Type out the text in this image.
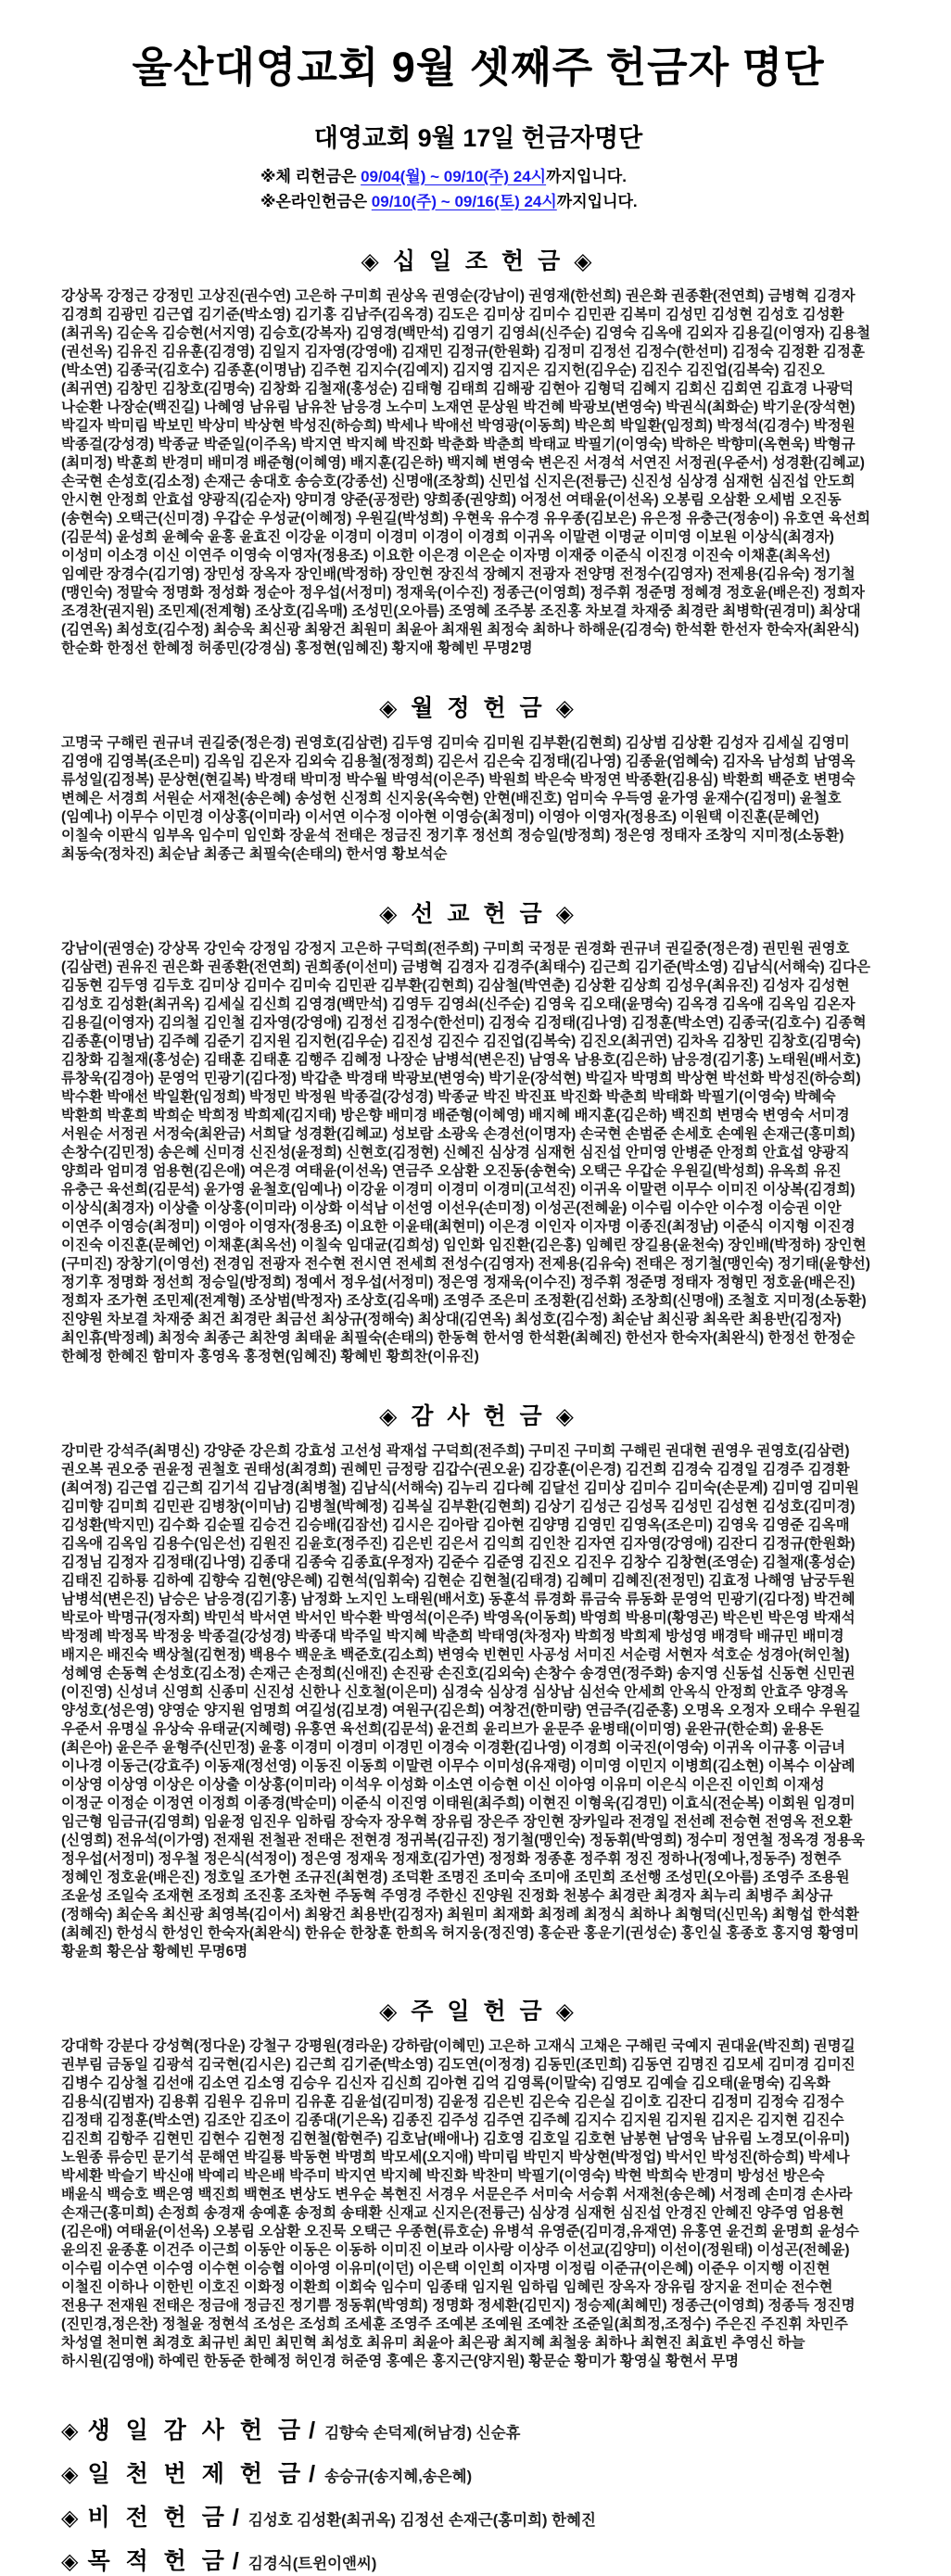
울산대영교회 9월 셋째주 헌금자 명단
대영교회 9월 17일 헌금자명단

※체 리헌금은 09/04(월) ~ 09/10(주) 24시까지입니다.

※온라인헌금은 09/10(주) ~ 09/16(토) 24시까지입니다.

◈ 십 일 조 헌 금 ◈

강상목 강정근 강정민 고상진(권수연) 고은하 구미희 권상옥 권영순(강남이) 권영재(한선희) 권은화 권종환(전연희) 금병혁 김경자

김경희 김광민 김근엽 김기준(박소영) 김기홍 김남주(김옥경) 김도은 김미상 김미수 김민관 김복미 김성민 김성현 김성호 김성환

(최귀옥) 김순옥 김승현(서지영) 김승호(강복자) 김영경(백만석) 김영기 김영쇠(신주순) 김영숙 김옥애 김외자 김용길(이영자) 김용철

(권선옥) 김유진 김유훈(김경영) 김일지 김자영(강영애) 김재민 김정규(한원화) 김정미 김정선 김정수(한선미) 김정숙 김정환 김정훈

(박소연) 김종국(김호수) 김종훈(이명남) 김주현 김지수(김예지) 김지영 김지은 김지헌(김우순) 김진수 김진업(김복숙) 김진오

(최귀연) 김창민 김창호(김명숙) 김창화 김철재(홍성순) 김태형 김태희 김해광 김현아 김형덕 김혜지 김회신 김회연 김효경 나광덕

나순환 나장순(백진길) 나혜영 남유림 남유찬 남응경 노수미 노재연 문상원 박건혜 박광보(변영숙) 박권식(최화순) 박기운(장석현)

박길자 박미림 박보민 박상미 박상현 박성진(하승희) 박세나 박애선 박영광(이동희) 박은희 박일환(임정희) 박정석(김경수) 박정원

박종걸(강성경) 박종균 박준일(이주옥) 박지연 박지혜 박진화 박춘화 박춘희 박태교 박필기(이영숙) 박하은 박향미(옥현욱) 박형규

(최미정) 박훈희 반경미 배미경 배준형(이혜영) 배지훈(김은하) 백지혜 변영숙 변은진 서경석 서연진 서정권(우준서) 성경환(김혜교)

손국현 손성호(김소정) 손재근 송대호 송승호(강종선) 신명애(조창희) 신민섭 신지은(전륭근) 신진성 심상경 심재헌 심진섭 안도희

안시현 안정희 안효섭 양광직(김순자) 양미경 양준(공정란) 양희종(권양희) 어정선 여태윤(이선옥) 오봉림 오삼환 오세범 오진동

(송현숙) 오택근(신미경) 우갑순 우성균(이혜정) 우원길(박성희) 우현욱 유수경 유우종(김보은) 유은정 유충근(정송이) 유호연 육선희

(김문석) 윤성희 윤혜숙 윤홍 윤효진 이강윤 이경미 이경미 이경이 이경희 이귀옥 이말련 이명균 이미영 이보원 이상식(최경자)

이성미 이소경 이신 이연주 이영숙 이영자(정용조) 이요한 이은경 이은순 이자명 이재중 이준식 이진경 이진숙 이채훈(최옥선)

임예란 장경수(김기영) 장민성 장옥자 장인배(박정하) 장인현 장진석 장혜지 전광자 전양명 전정수(김영자) 전제용(김유숙) 정기철

(맹인숙) 정말숙 정명화 정성화 정순아 정우섭(서정미) 정재욱(이수진) 정종근(이영희) 정주휘 정준명 정혜경 정호윤(배은진) 정희자

조경찬(권지원) 조민제(전계형) 조상호(김옥매) 조성민(오아름) 조영혜 조주봉 조진홍 차보결 차재중 최경란 최병학(권경미) 최상대

(김연옥) 최성호(김수정) 최승욱 최신광 최왕건 최원미 최윤아 최재원 최정숙 최하나 하해운(김경숙) 한석환 한선자 한숙자(최완식)

한순화 한정선 한혜정 허종민(강경심) 홍정현(임혜진) 황지애 황혜빈 무명2명

◈ 월 정 헌 금 ◈

고명국 구해린 권규녀 권길중(정은경) 권영호(김삼련) 김두영 김미숙 김미원 김부환(김현희) 김상범 김상환 김성자 김세실 김영미

김영애 김영복(조은미) 김옥임 김온자 김외숙 김용철(정정희) 김은서 김은숙 김정태(김나영) 김종윤(엄혜숙) 김자옥 남성희 남영옥

류성일(김정복) 문상현(현길복) 박경태 박미정 박수월 박영석(이은주) 박원희 박은숙 박정연 박종환(김용심) 박환희 백준호 변명숙

변혜은 서경희 서원순 서재천(송은혜) 송성헌 신정희 신지웅(옥숙현) 안현(배진호) 엄미숙 우득영 윤가영 윤재수(김정미) 윤철호

(임예나) 이무수 이민경 이상홍(이미라) 이서연 이수정 이아현 이영승(최정미) 이영아 이영자(정용조) 이원택 이진훈(문혜언)

이칠숙 이판식 임부옥 임수미 임인화 장윤석 전태은 정금진 정기후 정선희 정승일(방정희) 정은영 정태자 조창익 지미정(소동환)

최동숙(정차진) 최순남 최종근 최필숙(손태의) 한서영 황보석순

◈ 선 교 헌 금 ◈

강남이(권영순) 강상목 강인숙 강정임 강정지 고은하 구덕희(전주희) 구미희 국정문 권경화 권규녀 권길중(정은경) 권민원 권영호

(김삼련) 권유진 권은화 권종환(전연희) 권희종(이선미) 금병혁 김경자 김경주(최태수) 김근희 김기준(박소영) 김남식(서해숙) 김다은

김동현 김두영 김두호 김미상 김미수 김미숙 김민관 김부환(김현희) 김삼철(박연춘) 김상환 김상희 김성우(최유진) 김성자 김성현

김성호 김성환(최귀옥) 김세실 김신희 김영경(백만석) 김영두 김영쇠(신주순) 김영욱 김오태(윤명숙) 김옥경 김옥애 김옥임 김온자

김용길(이영자) 김의철 김인철 김자영(강영애) 김정선 김정수(한선미) 김정숙 김정태(김나영) 김정훈(박소연) 김종국(김호수) 김종혁

김종훈(이명남) 김주혜 김준기 김지원 김지헌(김우순) 김진성 김진수 김진업(김복숙) 김진오(최귀연) 김차옥 김창민 김창호(김명숙)

김창화 김철재(홍성순) 김태훈 김태훈 김행주 김혜정 나장순 남병석(변은진) 남영옥 남용호(김은하) 남응경(김기홍) 노태원(배서호)

류창욱(김경아) 문영억 민광기(김다정) 박갑춘 박경태 박광보(변영숙) 박기운(장석현) 박길자 박명희 박상현 박선화 박성진(하승희)

박수환 박애선 박일환(임정희) 박정민 박정원 박종걸(강성경) 박종균 박진 박진표 박진화 박춘희 박태화 박필기(이영숙) 박혜숙

박환희 박훈희 박희순 박희정 박희제(김지태) 방은향 배미경 배준형(이혜영) 배지혜 배지훈(김은하) 백진희 변명숙 변영숙 서미경

서원순 서정권 서정숙(최완금) 서희달 성경환(김혜교) 성보람 소광욱 손경선(이명자) 손국현 손범준 손세호 손예원 손재근(홍미희)

손창수(김민정) 송은혜 신미경 신진성(윤정희) 신현호(김정현) 신혜진 심상경 심재헌 심진섭 안미영 안병준 안정희 안효섭 양광직

양희라 엄미경 엄용현(김은애) 여은경 여태윤(이선옥) 연금주 오삼환 오진동(송현숙) 오택근 우갑순 우원길(박성희) 유옥희 유진

유충근 육선희(김문석) 윤가영 윤철호(임예나) 이강윤 이경미 이경미 이경미(고석진) 이귀옥 이말련 이무수 이미진 이상복(김경희)

이상식(최경자) 이상출 이상홍(이미라) 이상화 이석남 이선영 이선우(손미정) 이성곤(전혜윤) 이수림 이수안 이수정 이승권 이안

이연주 이영승(최정미) 이영아 이영자(정용조) 이요한 이윤태(최현미) 이은경 이인자 이자명 이종진(최정남) 이준식 이지형 이진경

이진숙 이진훈(문혜언) 이채훈(최옥선) 이칠숙 임대균(김희성) 임인화 임진환(김은홍) 임혜린 장길용(윤천숙) 장인배(박정하) 장인현

(구미진) 장창기(이영선) 전경임 전광자 전수현 전시연 전세희 전성수(김영자) 전제용(김유숙) 전태은 정기철(맹인숙) 정기태(윤향선)

정기후 정명화 정선희 정승일(방정희) 정예서 정우섭(서정미) 정은영 정재욱(이수진) 정주휘 정준명 정태자 정형민 정호윤(배은진)

정희자 조가현 조민제(전계형) 조상범(박정자) 조상호(김옥매) 조영주 조은미 조정환(김선화) 조창희(신명애) 조철호 지미정(소동환)

진양원 차보결 차재중 최건 최경란 최금선 최상규(정해숙) 최상대(김연옥) 최성호(김수정) 최순남 최신광 최옥란 최용반(김정자)

최인휴(박정례) 최정숙 최종근 최찬영 최태윤 최필숙(손태의) 한동혁 한서영 한석환(최혜진) 한선자 한숙자(최완식) 한정선 한정순

한혜정 한혜진 함미자 홍영옥 홍정현(임혜진) 황혜빈 황희찬(이유진)

◈ 감 사 헌 금 ◈

강미란 강석주(최명신) 강양준 강은희 강효성 고선성 곽재섭 구덕희(전주희) 구미진 구미희 구해린 권대현 권영우 권영호(김삼련)

권오복 권오중 권윤정 권철호 권태성(최경희) 권혜민 금정랑 김갑수(권오윤) 김강훈(이은경) 김건희 김경숙 김경일 김경주 김경환

(최여정) 김근엽 김근희 김기석 김남경(최병철) 김남식(서해숙) 김누리 김다혜 김달선 김미상 김미수 김미숙(손문계) 김미영 김미원

김미향 김미희 김민관 김병창(이미남) 김병철(박혜정) 김복실 김부환(김현희) 김상기 김성근 김성목 김성민 김성현 김성호(김미경)

김성환(박지민) 김수화 김순필 김승건 김승배(김잠선) 김시은 김아람 김아현 김양명 김영민 김영옥(조은미) 김영욱 김영준 김옥매

김옥애 김옥임 김용수(임은선) 김원진 김윤호(정주진) 김은빈 김은서 김익희 김인찬 김자연 김자영(강영애) 김잔디 김정규(한원화)

김정님 김정자 김정태(김나영) 김종대 김종숙 김종효(우정자) 김준수 김준영 김진오 김진우 김창수 김창현(조영순) 김철재(홍성순)

김태진 김하룡 김하예 김향숙 김현(양은혜) 김현석(임휘숙) 김현순 김현철(김태경) 김혜미 김혜진(전정민) 김효정 나해영 남궁두원

남병석(변은진) 남승은 남응경(김기홍) 남정화 노지인 노태원(배서호) 동훈석 류경화 류금숙 류동화 문영억 민광기(김다정) 박건혜

박로아 박명규(정자희) 박민석 박서연 박서인 박수환 박영석(이은주) 박영옥(이동희) 박영희 박용미(황영곤) 박은빈 박은영 박재석

박정례 박정목 박정웅 박종걸(강성경) 박종대 박주일 박지혜 박춘희 박태영(차정자) 박희정 박희제 방성영 배경탁 배규민 배미경

배지은 배진숙 백상철(김현정) 백용수 백운초 백준호(김소희) 변영숙 빈현민 사공성 서미진 서순령 서현자 석호순 성경아(허인철)

성혜영 손동혁 손성호(김소정) 손재근 손정희(신애진) 손진광 손진호(김외숙) 손창수 송경연(정주화) 송지영 신동섭 신동현 신민권

(이진영) 신성녀 신영희 신종미 신진성 신한나 신호철(이은미) 심경숙 심상경 심상남 심선숙 안세희 안옥식 안정희 안효주 양경옥

양성호(성은영) 양영순 양지원 엄명희 여길성(김보경) 여원구(김은희) 여창건(한미량) 연금주(김준홍) 오명옥 오정자 오태수 우원길

우준서 유명실 유상숙 유태균(지혜령) 유홍연 육선희(김문석) 윤건희 윤리브가 윤문주 윤병태(이미영) 윤완규(한순희) 윤용돈

(최은아) 윤은주 윤형주(신민정) 윤홍 이경미 이경미 이경민 이경숙 이경환(김나영) 이경희 이국진(이영숙) 이귀옥 이규홍 이금녀

이나경 이동근(강효주) 이동재(정선영) 이동진 이동희 이말련 이무수 이미성(유재령) 이미영 이민지 이병희(김소현) 이복수 이삼례

이상영 이상영 이상은 이상출 이상홍(이미라) 이석우 이성화 이소연 이승현 이신 이아영 이유미 이은식 이은진 이인희 이재성

이정군 이정순 이정연 이정희 이종경(박순미) 이준식 이진영 이태원(최주희) 이현진 이형욱(김경민) 이효식(전순복) 이회원 임경미

임근형 임금규(김영희) 임윤정 임진우 임하림 장숙자 장우혁 장유림 장은주 장인현 장카일라 전경일 전선례 전승현 전영옥 전오환

(신영희) 전유석(이가영) 전재원 전철관 전태은 전현경 정귀복(김규진) 정기철(맹인숙) 정동휘(박영희) 정수미 정연철 정옥경 정용욱

정우섭(서정미) 정우철 정은식(석정이) 정은영 정재욱 정재호(김가연) 정정화 정종훈 정주휘 정진 정하나(정예나,정동주) 정현주

정혜인 정호윤(배은진) 정호일 조가현 조규진(최현경) 조덕환 조명진 조미숙 조미애 조민희 조선행 조성민(오아름) 조영주 조용원

조윤성 조일숙 조재현 조정희 조진홍 조차현 주동혁 주영경 주한신 진양원 진정화 천봉수 최경란 최경자 최누리 최병주 최상규

(정해숙) 최순옥 최신광 최영복(김이서) 최왕건 최용반(김정자) 최원미 최재화 최정례 최정식 최하나 최형덕(신민옥) 최형섭 한석환

(최혜진) 한성식 한성인 한숙자(최완식) 한유순 한창훈 한희옥 허지웅(정진영) 홍순관 홍운기(권성순) 홍인실 홍종호 홍지영 황영미

황윤희 황은삼 황혜빈 무명6명

◈ 주 일 헌 금 ◈

강대학 강분다 강성혁(정다운) 강철구 강평원(경라운) 강하람(이혜민) 고은하 고재식 고채은 구해린 국예지 권대윤(박진희) 권명길

권부림 금동일 김광석 김국현(김시은) 김근희 김기준(박소영) 김도연(이정경) 김동민(조민희) 김동연 김명진 김모세 김미경 김미진

김병수 김상철 김선애 김소연 김소영 김승우 김신자 김신희 김아현 김억 김영록(이말숙) 김영모 김예슬 김오태(윤명숙) 김옥화

김용식(김범자) 김용휘 김원우 김유미 김유훈 김윤섭(김미정) 김윤정 김은빈 김은숙 김은실 김이호 김잔디 김정미 김정숙 김정수

김정태 김정훈(박소연) 김조안 김조이 김종대(기은옥) 김종진 김주성 김주연 김주혜 김지수 김지원 김지원 김지은 김지현 김진수

김진희 김항주 김현민 김현수 김현정 김현철(함현주) 김호남(배애나) 김호영 김호일 김호현 남봉현 남영욱 남유림 노경모(이유미)

노원종 류승민 문기석 문해연 박길룡 박동현 박명희 박모세(오지애) 박미림 박민지 박상현(박정업) 박서인 박성진(하승희) 박세나

박세환 박슬기 박신애 박예리 박은배 박주미 박지연 박지혜 박진화 박찬미 박필기(이영숙) 박현 박희숙 반경미 방성선 방은숙

배윤식 백승호 백은영 백진희 백현조 변상도 변우순 복현진 서경우 서문은주 서미숙 서승휘 서재천(송은혜) 서정례 손미경 손사라

손재근(홍미희) 손정희 송경재 송예훈 송정희 송태환 신재교 신지은(전륭근) 심상경 심재헌 심진섭 안경진 안혜진 양주영 엄용현

(김은애) 여태윤(이선옥) 오봉림 오삼환 오진묵 오택근 우종현(류호순) 유병석 유영준(김미경,유재연) 유홍연 윤건희 윤명희 윤성수

윤의진 윤종훈 이건주 이근희 이동안 이동은 이동하 이미진 이보라 이사랑 이상주 이선교(김양미) 이선이(정원태) 이성곤(전혜윤)

이수림 이수연 이수영 이수현 이승협 이아영 이유미(이던) 이은택 이인희 이자명 이정림 이준규(이은혜) 이준우 이지행 이진현

이철진 이하나 이한빈 이호진 이화정 이환희 이회숙 임수미 임종태 임지원 임하림 임혜린 장옥자 장유림 장지윤 전미순 전수현

전용구 전재원 전태은 정금애 정금진 정기쁨 정동휘(박영희) 정명화 정세환(김민지) 정승제(최혜민) 정종근(이영희) 정종득 정진명

(진민경,정은찬) 정철윤 정현석 조성은 조성희 조세훈 조영주 조예본 조예원 조예찬 조준일(최희정,조정수) 주은진 주진휘 차민주

차성열 천미현 최경호 최규빈 최민 최민혁 최성호 최유미 최윤아 최은광 최지혜 최철웅 최하나 최현진 최효빈 추영신 하늘

하시원(김영애) 하예린 한동준 한혜정 허인경 허준영 홍예은 홍지근(양지원) 황문순 황미가 황영실 황현서 무명

◈ 생 일 감 사 헌 금 / 김향숙 손덕제(허남경) 신순휴
◈ 일 천 번 제 헌 금 / 송승규(송지혜,송은혜)
◈ 비 전 헌 금 / 김성호 김성환(최귀옥) 김정선 손재근(홍미희) 한혜진
◈ 목 적 헌 금 / 김경식(트윈이앤씨)
